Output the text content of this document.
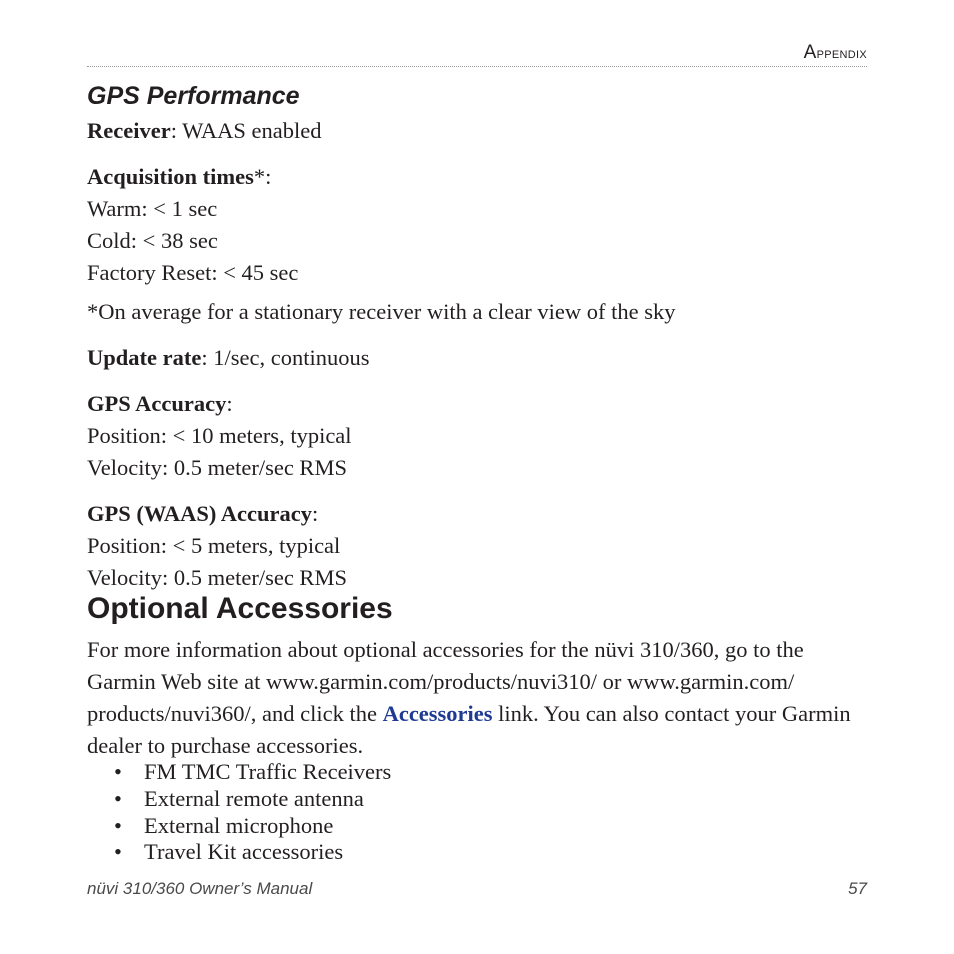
Appendix
GPS Performance
Receiver: WAAS enabled
Acquisition times*:
Warm: < 1 sec
Cold: < 38 sec
Factory Reset: < 45 sec
*On average for a stationary receiver with a clear view of the sky
Update rate: 1/sec, continuous
GPS Accuracy:
Position: < 10 meters, typical
Velocity: 0.5 meter/sec RMS
GPS (WAAS) Accuracy:
Position: < 5 meters, typical
Velocity: 0.5 meter/sec RMS
Optional Accessories
For more information about optional accessories for the nüvi 310/360, go to the
Garmin Web site at www.garmin.com/products/nuvi310/ or www.garmin.com/
products/nuvi360/, and click the Accessories link. You can also contact your Garmin
dealer to purchase accessories.
• FM TMC Traffic Receivers
• External remote antenna
• External microphone
• Travel Kit accessories
nüvi 310/360 Owner’s Manual	57
